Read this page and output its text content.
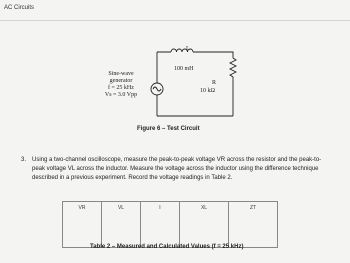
AC Circuits
Sine-wave
generator
f = 25 kHz
Vs = 3.0 Vpp
L
100 mH
R
10 kΩ
Figure 6 – Test Circuit
3. Using a two-channel oscilloscope, measure the peak-to-peak voltage VR across the resistor and the peak-to-peak voltage VL across the inductor. Measure the voltage across the inductor using the difference technique described in a previous experiment. Record the voltage readings in Table 2.
VR	VL	I	XL	ZT
Table 2 – Measured and Calculated Values (f = 25 kHz)
